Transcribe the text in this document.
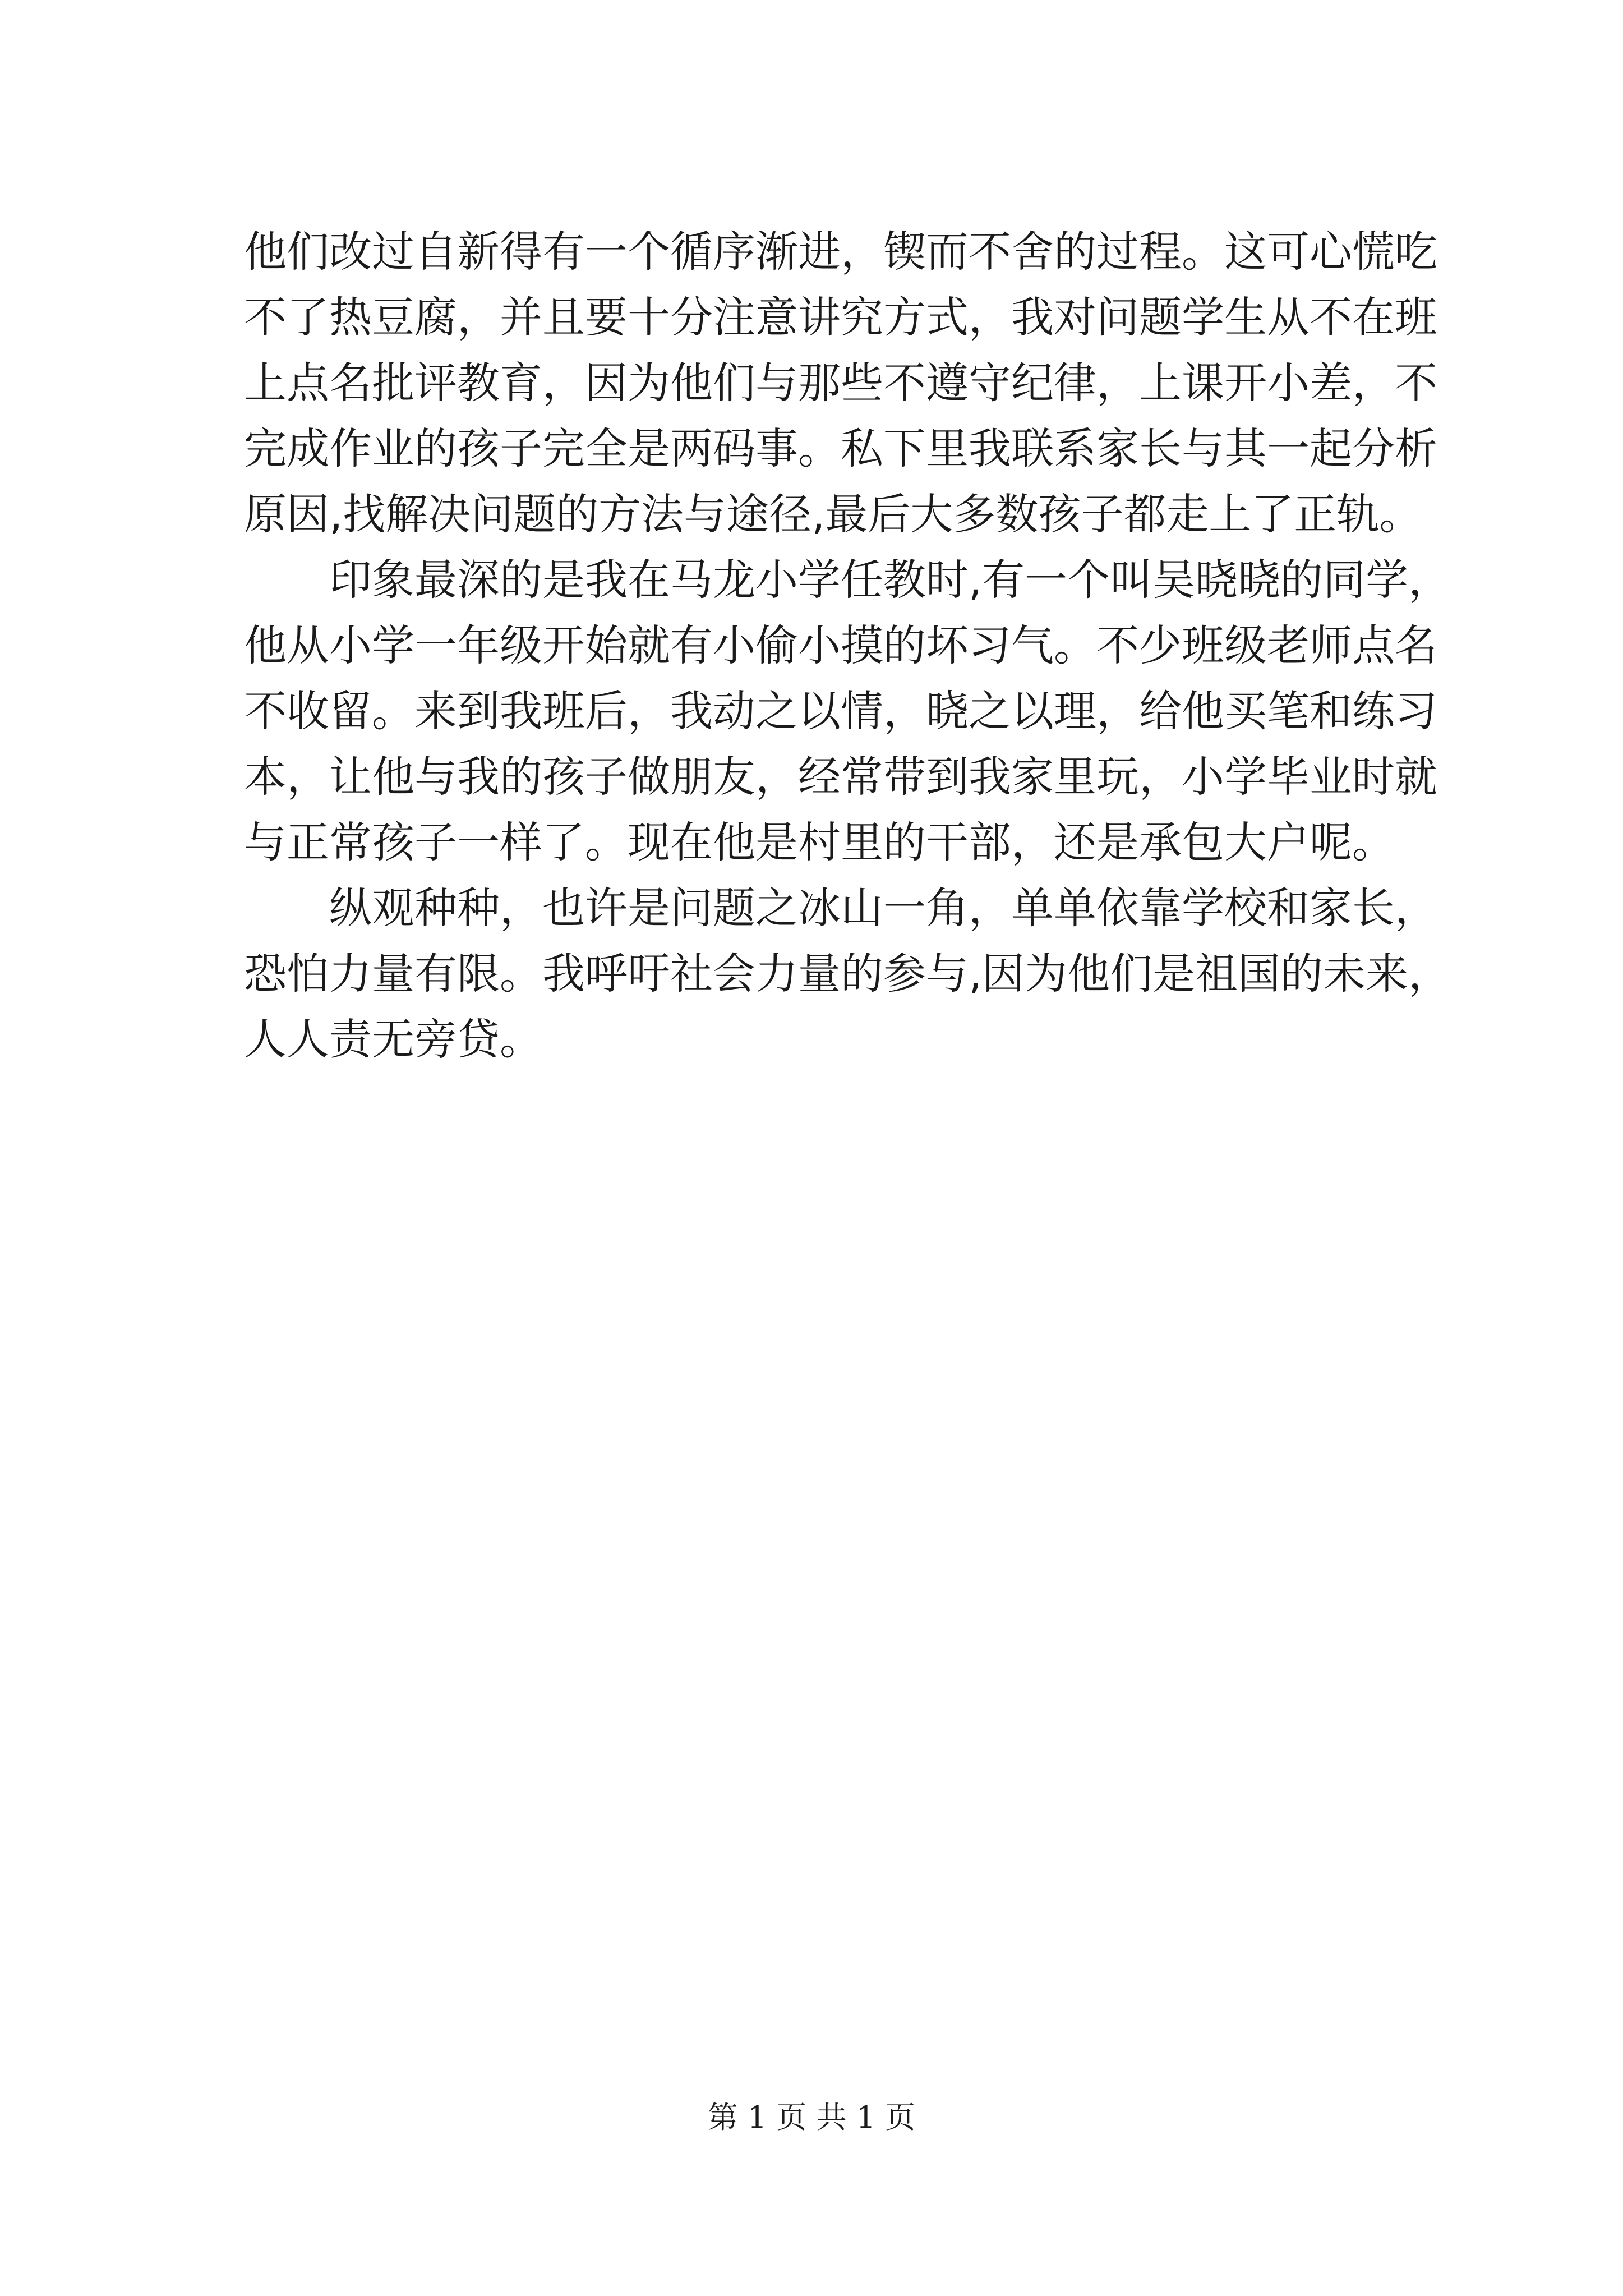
他们改过自新得有一个循序渐进，锲而不舍的过程。这可心慌吃
不了热豆腐，并且要十分注意讲究方式，我对问题学生从不在班
上点名批评教育，因为他们与那些不遵守纪律，上课开小差，不
完成作业的孩子完全是两码事。私下里我联系家长与其一起分析
原因,找解决问题的方法与途径,最后大多数孩子都走上了正轨。
印象最深的是我在马龙小学任教时,有一个叫吴晓晓的同学，
他从小学一年级开始就有小偷小摸的坏习气。不少班级老师点名
不收留。来到我班后，我动之以情，晓之以理，给他买笔和练习
本，让他与我的孩子做朋友，经常带到我家里玩，小学毕业时就
与正常孩子一样了。现在他是村里的干部，还是承包大户呢。
纵观种种，也许是问题之冰山一角，单单依靠学校和家长，
恐怕力量有限。我呼吁社会力量的参与,因为他们是祖国的未来，
人人责无旁贷。
第 1 页 共 1 页
